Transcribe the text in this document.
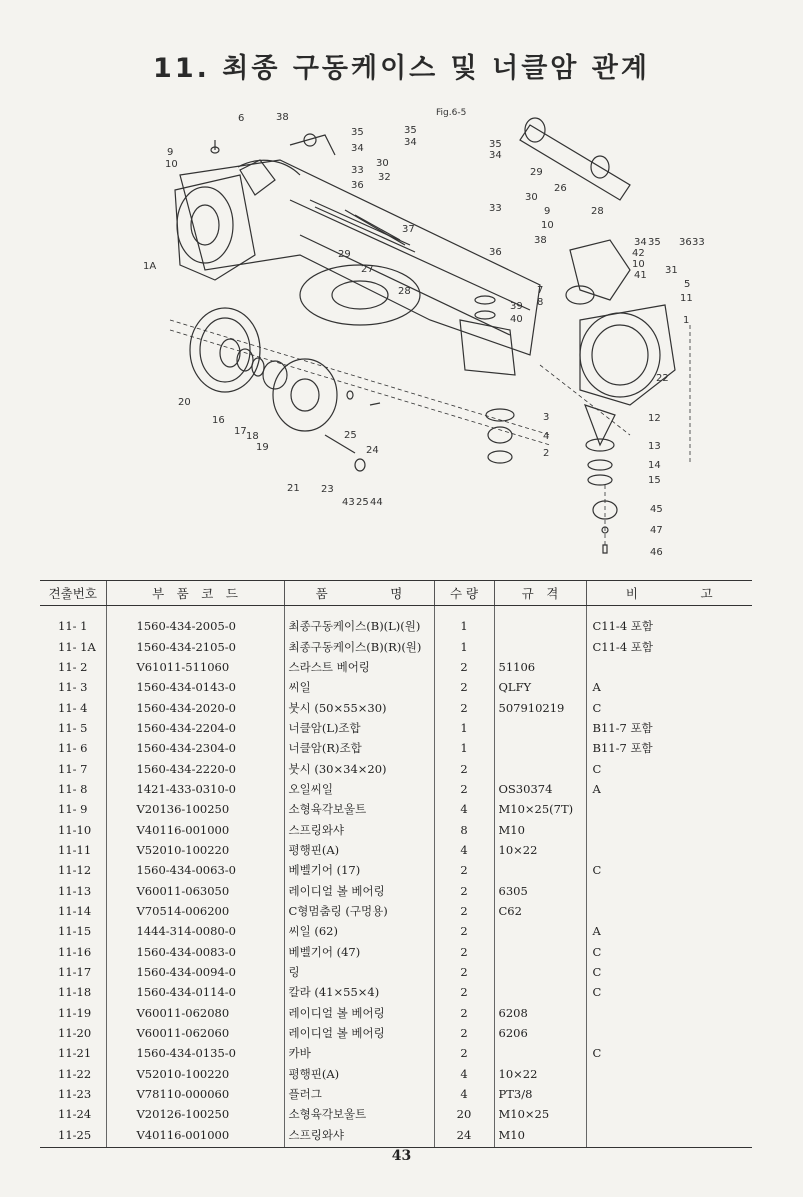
11. 최종 구동케이스 및 너클암 관계
Fig.6-5
6	38
35
34
9
10	30
33
36
32
35
34	35
34
33
36
37
30
29
26
28
9
10
38	34 35 36 33
42
10
41 31
27
29
1A
28
39
40
7
8
5
11
1
22
20
16
17 18
19
25
24
3
4
2
12
13
14
15
21 23
43 25 44
45
47
46
견출번호	부　품　코　드	품　　　　　명	수 량	규　격	비　　　　　고
11- 1	1560-434-2005-0	최종구동케이스(B)(L)(원)	1		C11-4 포함
11- 1A	1560-434-2105-0	최종구동케이스(B)(R)(원)	1		C11-4 포함
11- 2	V61011-511060	스라스트 베어링	2	51106	
11- 3	1560-434-0143-0	씨일	2	QLFY	A
11- 4	1560-434-2020-0	붓시 (50×55×30)	2	507910219	C
11- 5	1560-434-2204-0	너클암(L)조합	1		B11-7 포함
11- 6	1560-434-2304-0	너클암(R)조합	1		B11-7 포함
11- 7	1560-434-2220-0	붓시 (30×34×20)	2		C
11- 8	1421-433-0310-0	오일씨일	2	OS30374	A
11- 9	V20136-100250	소형육각보울트	4	M10×25(7T)	
11-10	V40116-001000	스프링와샤	8	M10	
11-11	V52010-100220	평행핀(A)	4	10×22	
11-12	1560-434-0063-0	베벨기어 (17)	2		C
11-13	V60011-063050	레이디얼 볼 베어링	2	6305	
11-14	V70514-006200	C형멈춤링 (구멍용)	2	C62	
11-15	1444-314-0080-0	씨일 (62)	2		A
11-16	1560-434-0083-0	베벨기어 (47)	2		C
11-17	1560-434-0094-0	링	2		C
11-18	1560-434-0114-0	칼라 (41×55×4)	2		C
11-19	V60011-062080	레이디얼 볼 베어링	2	6208	
11-20	V60011-062060	레이디얼 볼 베어링	2	6206	
11-21	1560-434-0135-0	카바	2		C
11-22	V52010-100220	평행핀(A)	4	10×22	
11-23	V78110-000060	플러그	4	PT3/8	
11-24	V20126-100250	소형육각보울트	20	M10×25	
11-25	V40116-001000	스프링와샤	24	M10	
43
